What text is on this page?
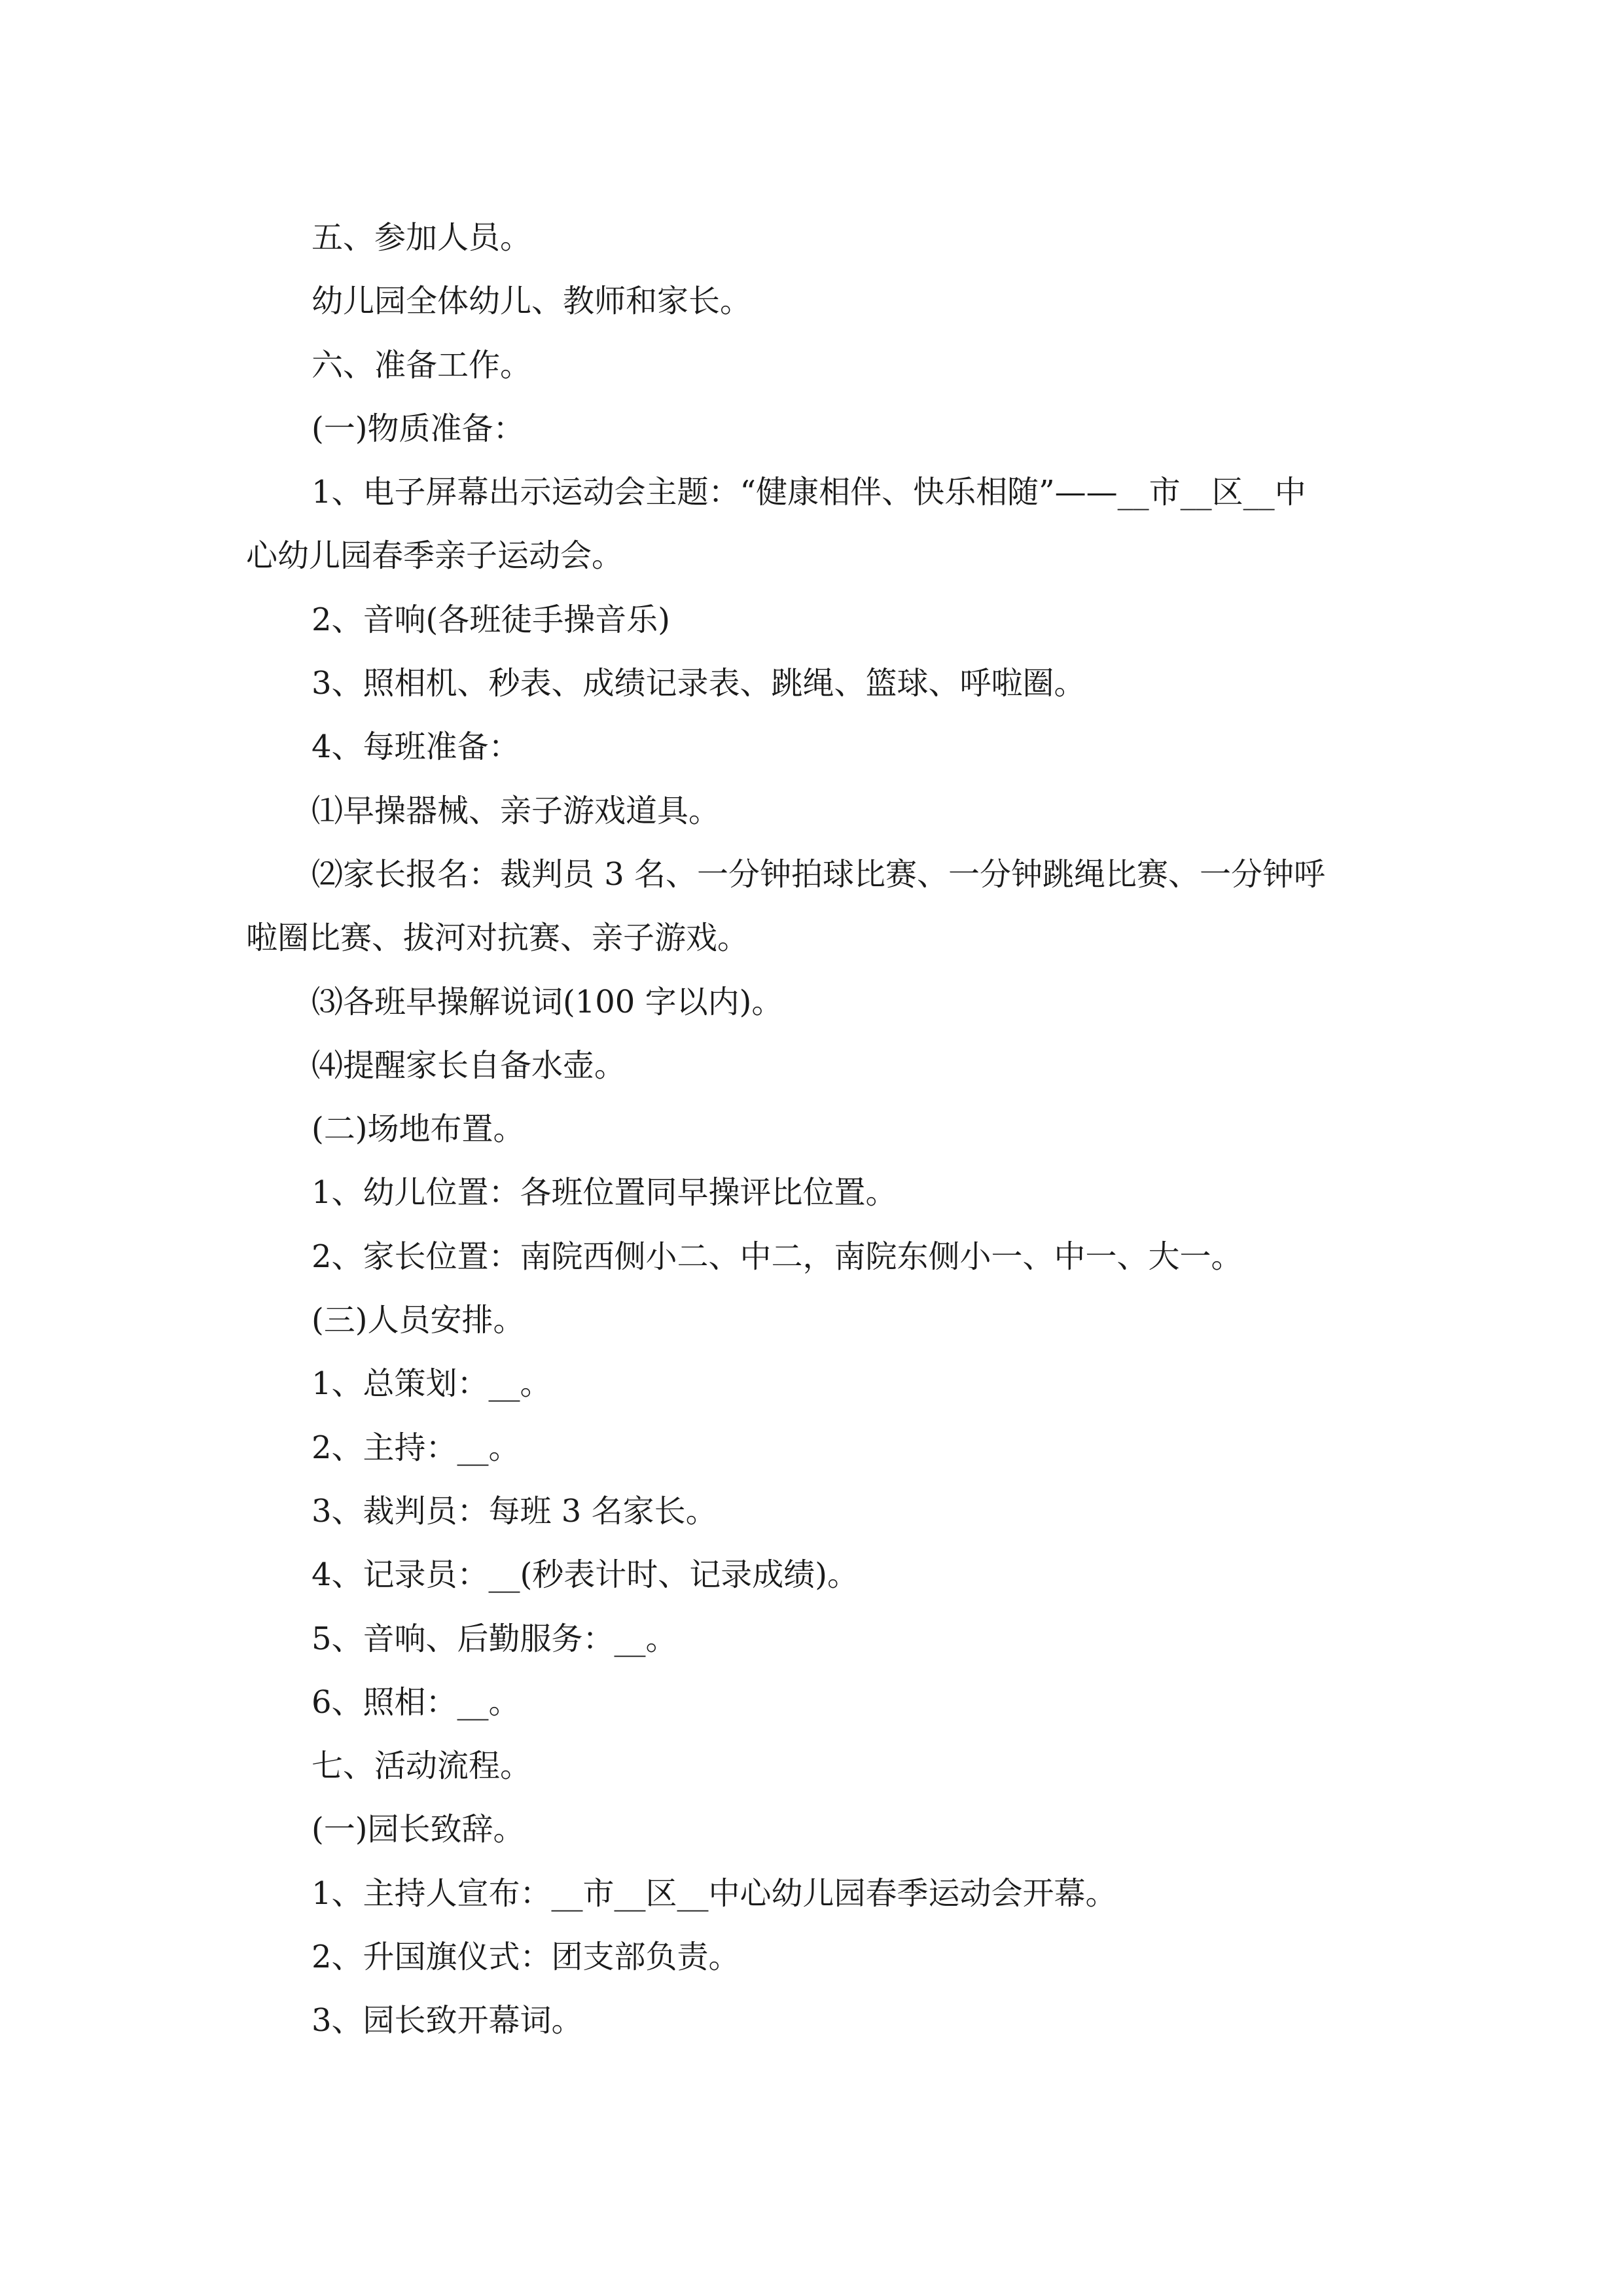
五、参加人员。

幼儿园全体幼儿、教师和家长。

六、准备工作。

(一)物质准备：

1、电子屏幕出示运动会主题：“健康相伴、快乐相随”——__市__区__中

心幼儿园春季亲子运动会。

2、音响(各班徒手操音乐)

3、照相机、秒表、成绩记录表、跳绳、篮球、呼啦圈。

4、每班准备：

⑴早操器械、亲子游戏道具。

⑵家长报名：裁判员 3 名、一分钟拍球比赛、一分钟跳绳比赛、一分钟呼

啦圈比赛、拔河对抗赛、亲子游戏。

⑶各班早操解说词(100 字以内)。

⑷提醒家长自备水壶。

(二)场地布置。

1、幼儿位置：各班位置同早操评比位置。

2、家长位置：南院西侧小二、中二，南院东侧小一、中一、大一。

(三)人员安排。

1、总策划：__。

2、主持：__。

3、裁判员：每班 3 名家长。

4、记录员：__(秒表计时、记录成绩)。

5、音响、后勤服务：__。

6、照相：__。

七、活动流程。

(一)园长致辞。

1、主持人宣布：__市__区__中心幼儿园春季运动会开幕。

2、升国旗仪式：团支部负责。

3、园长致开幕词。
